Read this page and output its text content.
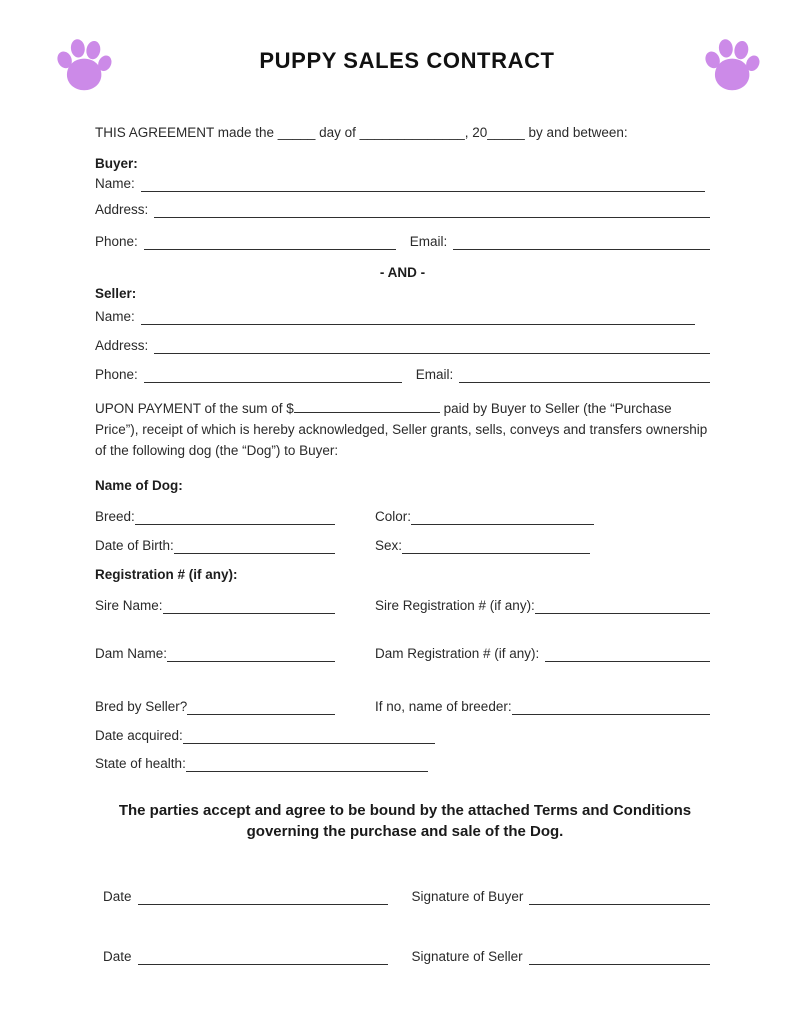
PUPPY SALES CONTRACT

THIS AGREEMENT made the _____ day of ______________, 20_____ by and between:

Buyer:
Name:
Address:
Phone:	Email:
- AND -
Seller:
Name:
Address:
Phone:	Email:

UPON PAYMENT of the sum of $	paid by Buyer to Seller (the “Purchase Price”), receipt of which is hereby acknowledged, Seller grants, sells, conveys and transfers ownership of the following dog (the “Dog”) to Buyer:

Name of Dog:
Breed:	Color:
Date of Birth:	Sex:
Registration # (if any):
Sire Name:	Sire Registration # (if any):
Dam Name:	Dam Registration # (if any):
Bred by Seller?	If no, name of breeder:
Date acquired:
State of health:

The parties accept and agree to be bound by the attached Terms and Conditions governing the purchase and sale of the Dog.

Date	Signature of Buyer
Date	Signature of Seller
